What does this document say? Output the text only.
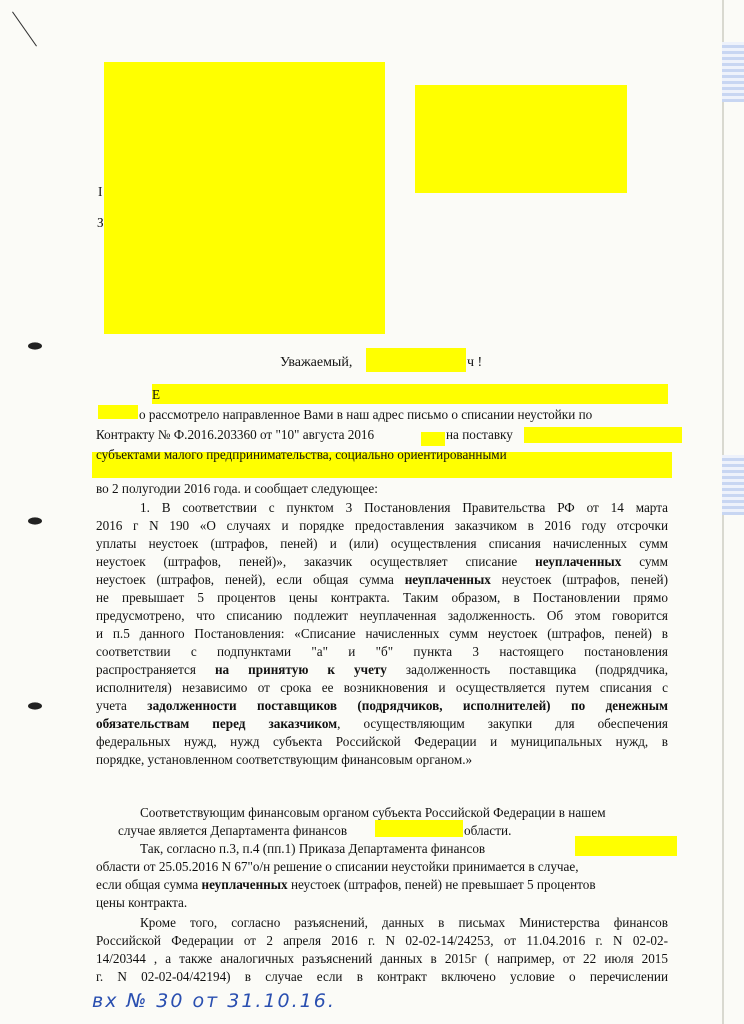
I
З
Уважаемый,	ч !
E
о рассмотрело направленное Вами в наш адрес письмо о списании неустойки по
Контракту № Ф.2016.203360 от "10" августа 2016	на поставку
субъектами малого предпринимательства, социально ориентированными
во 2 полугодии 2016 года. и сообщает следующее:
1. В соответствии с пунктом 3 Постановления Правительства РФ от 14 марта
2016 г N 190 «О случаях и порядке предоставления заказчиком в 2016 году отсрочки
уплаты неустоек (штрафов, пеней) и (или) осуществления списания начисленных сумм
неустоек (штрафов, пеней)», заказчик осуществляет списание неуплаченных сумм
неустоек (штрафов, пеней), если общая сумма неуплаченных неустоек (штрафов, пеней)
не превышает 5 процентов цены контракта. Таким образом, в Постановлении прямо
предусмотрено, что списанию подлежит неуплаченная задолженность. Об этом говорится
и п.5 данного Постановления: «Списание начисленных сумм неустоек (штрафов, пеней) в
соответствии с подпунктами "а" и "б" пункта 3 настоящего постановления
распространяется на принятую к учету задолженность поставщика (подрядчика,
исполнителя) независимо от срока ее возникновения и осуществляется путем списания с
учета задолженности поставщиков (подрядчиков, исполнителей) по денежным
обязательствам перед заказчиком, осуществляющим закупки для обеспечения
федеральных нужд, нужд субъекта Российской Федерации и муниципальных нужд, в
порядке, установленном соответствующим финансовым органом.»
Соответствующим финансовым органом субъекта Российской Федерации в нашем
случае является Департамента финансов	области.
Так, согласно п.3, п.4 (пп.1) Приказа Департамента финансов
области от 25.05.2016 N 67"о/н решение о списании неустойки принимается в случае,
если общая сумма неуплаченных неустоек (штрафов, пеней) не превышает 5 процентов
цены контракта.
Кроме того, согласно разъяснений, данных в письмах Министерства финансов
Российской Федерации от 2 апреля 2016 г. N 02-02-14/24253, от 11.04.2016 г. N 02-02-
14/20344 , а также аналогичных разъяснений данных в 2015г ( например, от 22 июля 2015
г. N 02-02-04/42194) в случае если в контракт включено условие о перечислении
вх № 30 от 31.10.16.
